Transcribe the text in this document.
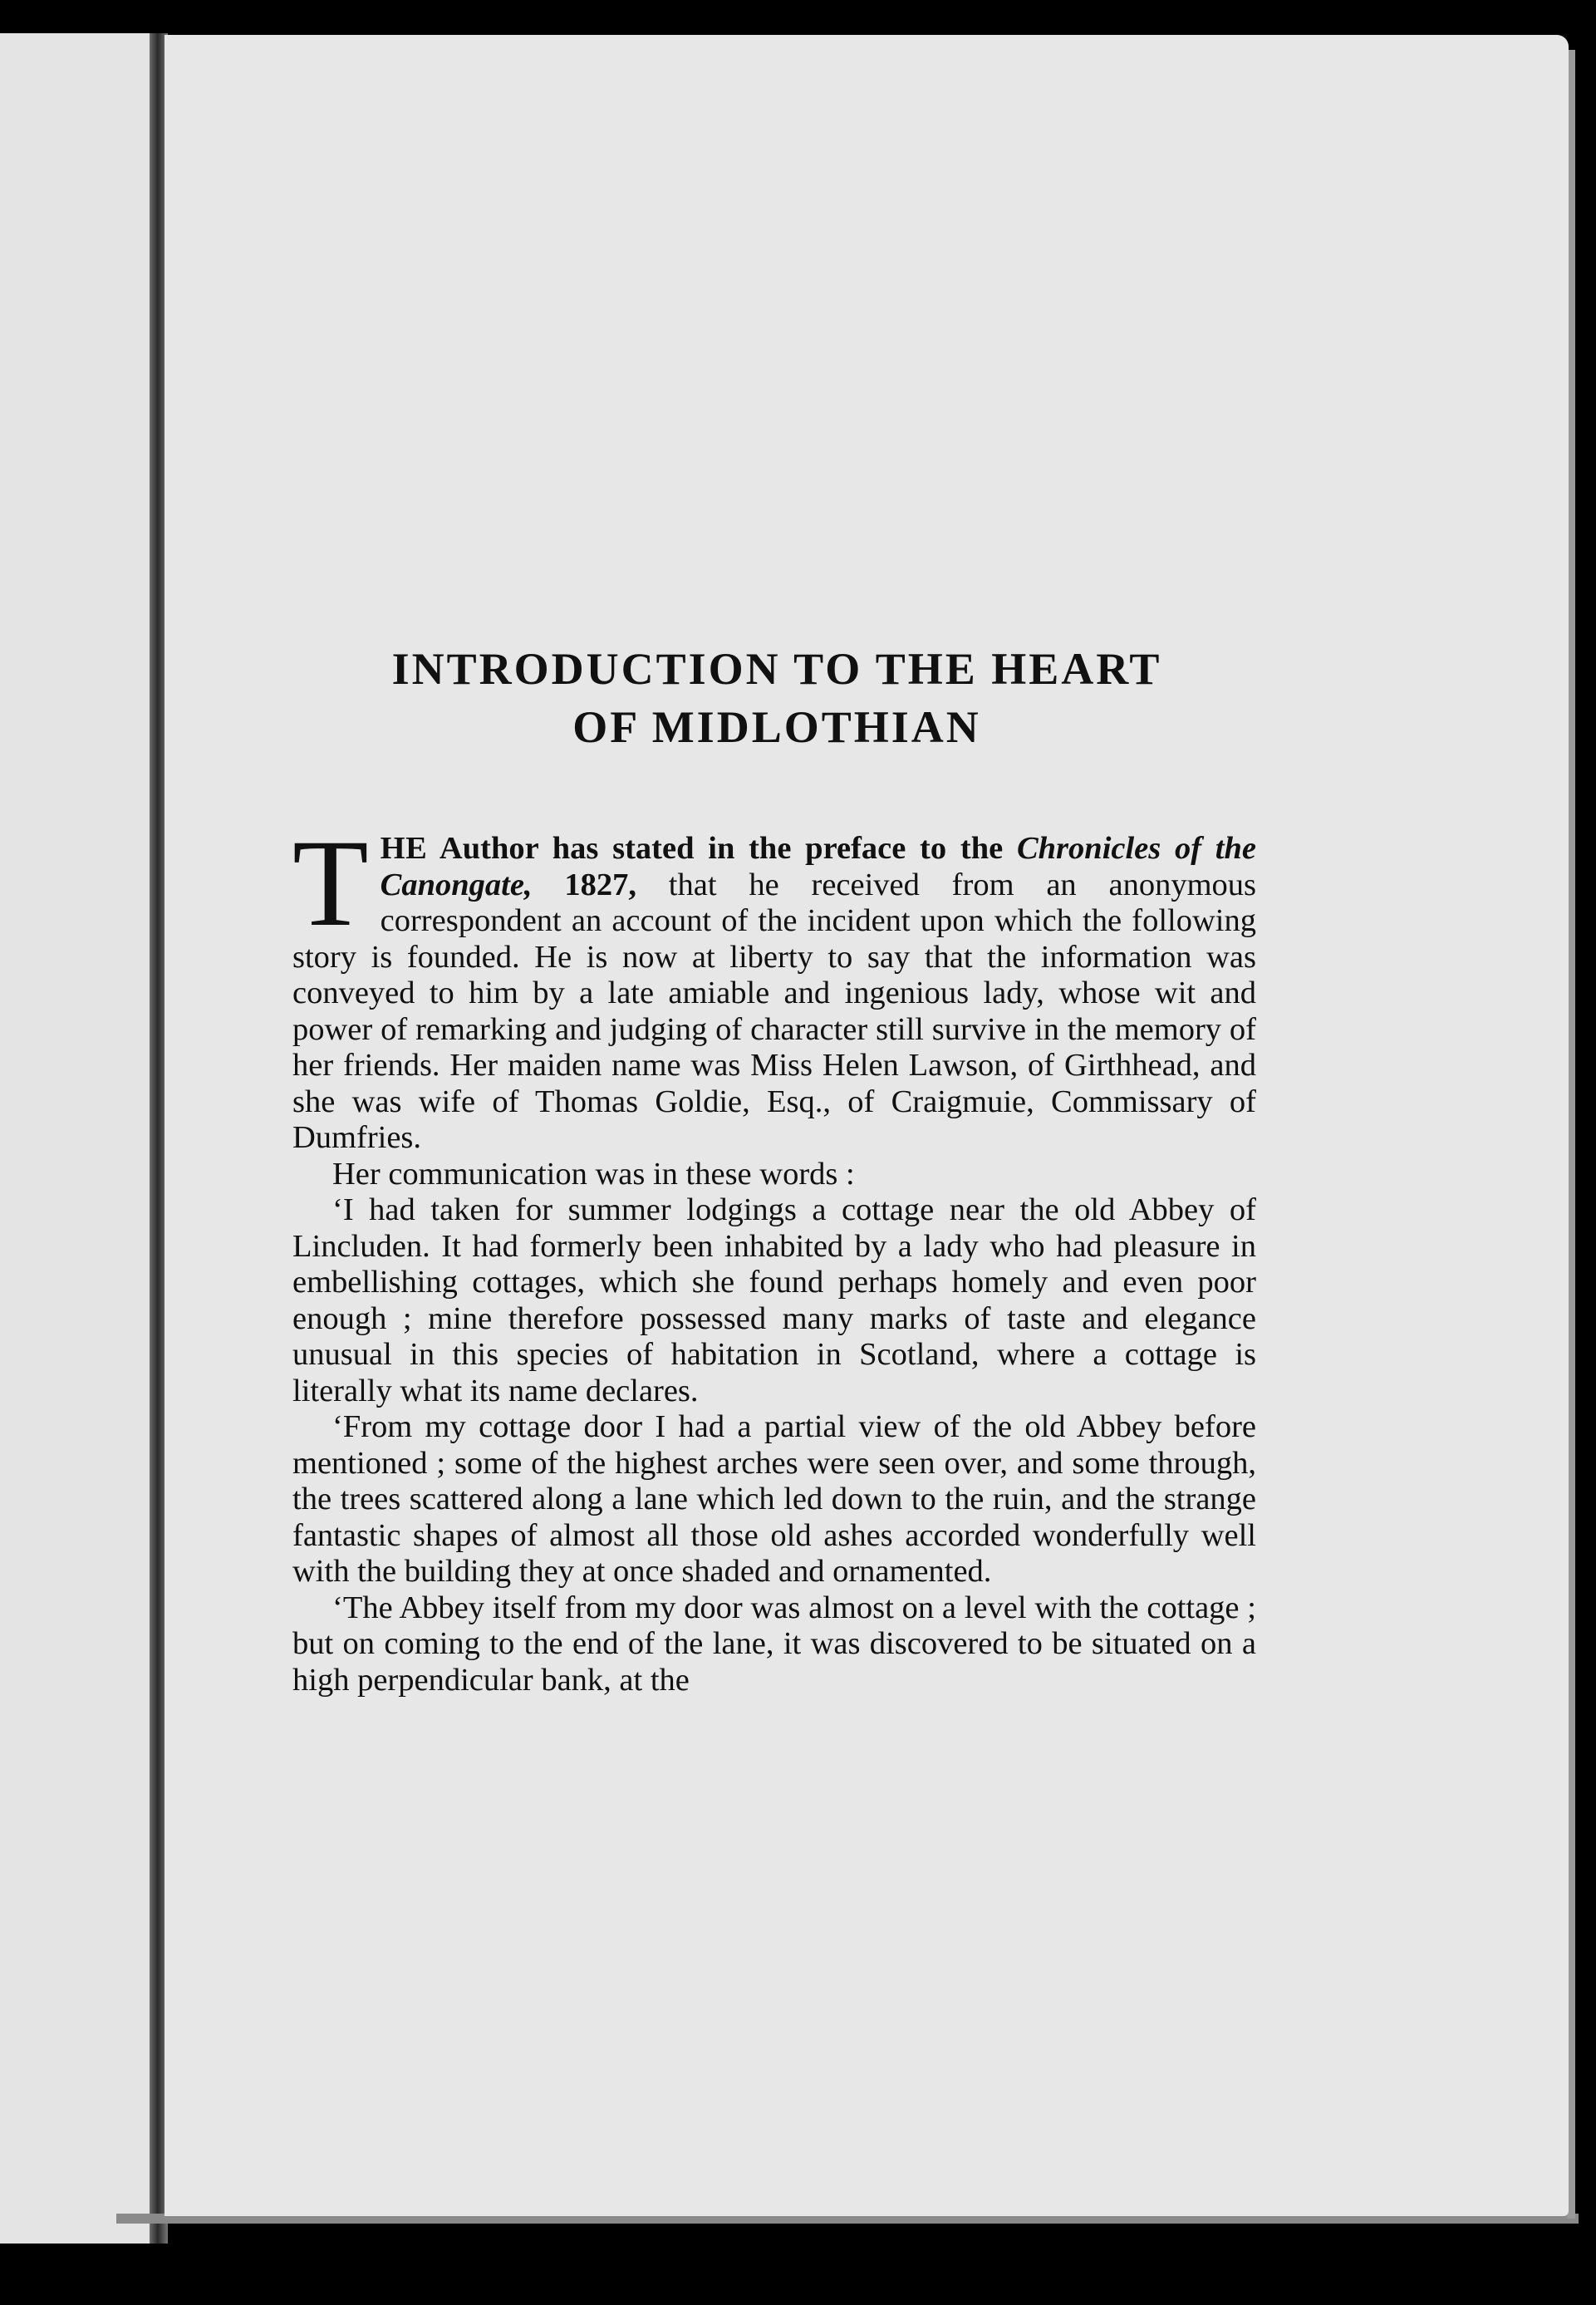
INTRODUCTION TO THE HEART
OF MIDLOTHIAN

THE Author has stated in the preface to the Chronicles of the Canongate, 1827, that he received from an anonymous correspondent an account of the incident upon which the following story is founded. He is now at liberty to say that the information was conveyed to him by a late amiable and ingenious lady, whose wit and power of remarking and judging of character still survive in the memory of her friends. Her maiden name was Miss Helen Lawson, of Girthhead, and she was wife of Thomas Goldie, Esq., of Craigmuie, Commissary of Dumfries.

Her communication was in these words :

‘I had taken for summer lodgings a cottage near the old Abbey of Lincluden. It had formerly been inhabited by a lady who had pleasure in embellishing cottages, which she found perhaps homely and even poor enough ; mine therefore possessed many marks of taste and elegance unusual in this species of habitation in Scotland, where a cottage is literally what its name declares.

‘From my cottage door I had a partial view of the old Abbey before mentioned ; some of the highest arches were seen over, and some through, the trees scattered along a lane which led down to the ruin, and the strange fantastic shapes of almost all those old ashes accorded wonderfully well with the building they at once shaded and ornamented.

‘The Abbey itself from my door was almost on a level with the cottage ; but on coming to the end of the lane, it was discovered to be situated on a high perpendicular bank, at the
